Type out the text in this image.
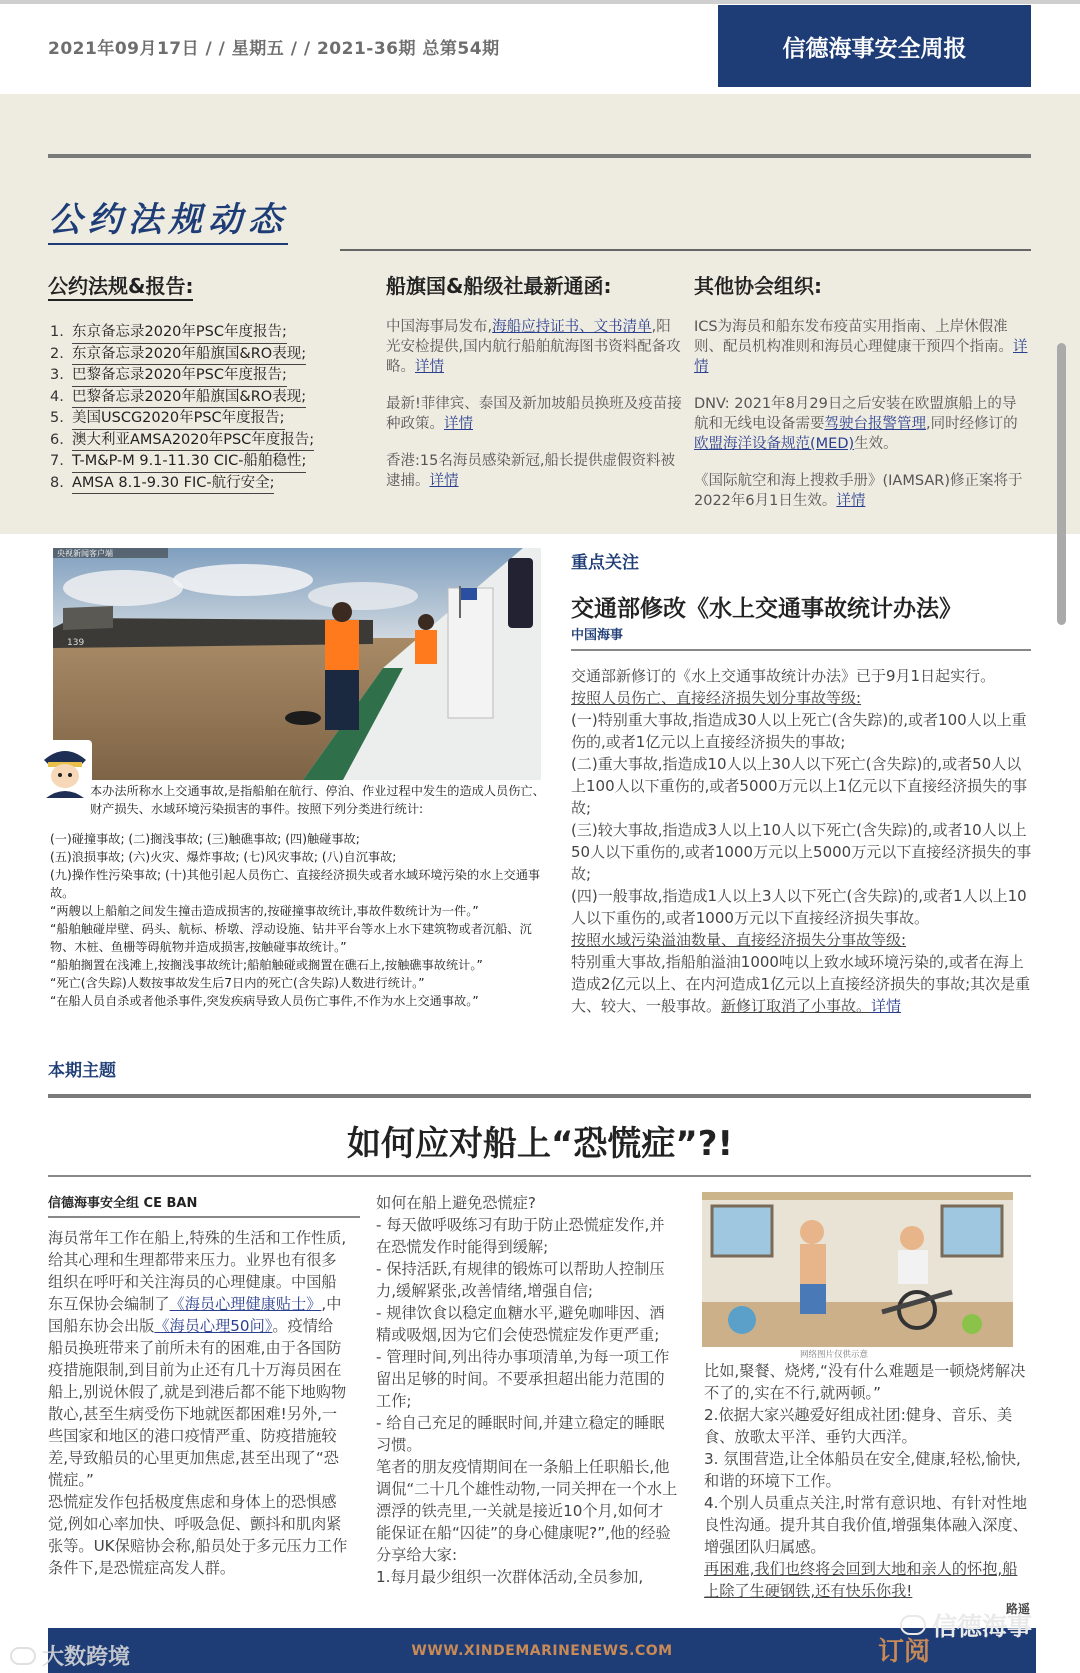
2021年09月17日 / / 星期五 / / 2021-36期 总第54期	信德海事安全周报
公约法规动态
公约法规&报告:	船旗国&船级社最新通函:	其他协会组织:
1. 东京备忘录2020年PSC年度报告;
2. 东京备忘录2020年船旗国&RO表现;
3. 巴黎备忘录2020年PSC年度报告;
4. 巴黎备忘录2020年船旗国&RO表现;
5. 美国USCG2020年PSC年度报告;
6. 澳大利亚AMSA2020年PSC年度报告;
7. T-M&P-M 9.1-11.30 CIC-船舶稳性;
8. AMSA 8.1-9.30 FIC-航行安全;

中国海事局发布,海船应持证书、文书清单,阳光安检提供,国内航行船舶航海图书资料配备攻略。详情

最新!菲律宾、泰国及新加坡船员换班及疫苗接种政策。详情

香港:15名海员感染新冠,船长提供虚假资料被逮捕。详情

ICS为海员和船东发布疫苗实用指南、上岸休假准则、配员机构准则和海员心理健康干预四个指南。详情

DNV: 2021年8月29日之后安装在欧盟旗船上的导航和无线电设备需要驾驶台报警管理,同时经修订的欧盟海洋设备规范(MED)生效。

《国际航空和海上搜救手册》(IAMSAR)修正案将于2022年6月1日生效。详情

139
央视新闻客户端

本办法所称水上交通事故,是指船舶在航行、停泊、作业过程中发生的造成人员伤亡、财产损失、水域环境污染损害的事件。按照下列分类进行统计:

(一)碰撞事故; (二)搁浅事故; (三)触礁事故; (四)触碰事故;

(五)浪损事故; (六)火灾、爆炸事故; (七)风灾事故; (八)自沉事故;

(九)操作性污染事故; (十)其他引起人员伤亡、直接经济损失或者水域环境污染的水上交通事故。

“两艘以上船舶之间发生撞击造成损害的,按碰撞事故统计,事故件数统计为一件。”

“船舶触碰岸壁、码头、航标、桥墩、浮动设施、钻井平台等水上水下建筑物或者沉船、沉物、木桩、鱼栅等碍航物并造成损害,按触碰事故统计。”

“船舶搁置在浅滩上,按搁浅事故统计;船舶触碰或搁置在礁石上,按触礁事故统计。”

“死亡(含失踪)人数按事故发生后7日内的死亡(含失踪)人数进行统计。”

“在船人员自杀或者他杀事件,突发疾病导致人员伤亡事件,不作为水上交通事故。”

重点关注
交通部修改《水上交通事故统计办法》
中国海事

交通部新修订的《水上交通事故统计办法》已于9月1日起实行。

按照人员伤亡、直接经济损失划分事故等级:

(一)特别重大事故,指造成30人以上死亡(含失踪)的,或者100人以上重伤的,或者1亿元以上直接经济损失的事故;

(二)重大事故,指造成10人以上30人以下死亡(含失踪)的,或者50人以上100人以下重伤的,或者5000万元以上1亿元以下直接经济损失的事故;

(三)较大事故,指造成3人以上10人以下死亡(含失踪)的,或者10人以上50人以下重伤的,或者1000万元以上5000万元以下直接经济损失的事故;

(四)一般事故,指造成1人以上3人以下死亡(含失踪)的,或者1人以上10人以下重伤的,或者1000万元以下直接经济损失事故。

按照水域污染溢油数量、直接经济损失分事故等级:

特别重大事故,指船舶溢油1000吨以上致水域环境污染的,或者在海上造成2亿元以上、在内河造成1亿元以上直接经济损失的事故;其次是重大、较大、一般事故。新修订取消了小事故。详情

本期主题
如何应对船上“恐慌症”?!
信德海事安全组 CE BAN

海员常年工作在船上,特殊的生活和工作性质,给其心理和生理都带来压力。业界也有很多组织在呼吁和关注海员的心理健康。中国船东互保协会编制了《海员心理健康贴士》,中国船东协会出版《海员心理50问》。疫情给船员换班带来了前所未有的困难,由于各国防疫措施限制,到目前为止还有几十万海员困在船上,别说休假了,就是到港后都不能下地购物散心,甚至生病受伤下地就医都困难!另外,一些国家和地区的港口疫情严重、防疫措施较差,导致船员的心里更加焦虑,甚至出现了“恐慌症。”

恐慌症发作包括极度焦虑和身体上的恐惧感觉,例如心率加快、呼吸急促、颤抖和肌肉紧张等。UK保赔协会称,船员处于多元压力工作条件下,是恐慌症高发人群。

如何在船上避免恐慌症?

- 每天做呼吸练习有助于防止恐慌症发作,并在恐慌发作时能得到缓解;

- 保持活跃,有规律的锻炼可以帮助人控制压力,缓解紧张,改善情绪,增强自信;

- 规律饮食以稳定血糖水平,避免咖啡因、酒精或吸烟,因为它们会使恐慌症发作更严重;

- 管理时间,列出待办事项清单,为每一项工作留出足够的时间。不要承担超出能力范围的工作;

- 给自己充足的睡眠时间,并建立稳定的睡眠习惯。

笔者的朋友疫情期间在一条船上任职船长,他调侃“二十几个雄性动物,一同关押在一个水上漂浮的铁壳里,一关就是接近10个月,如何才能保证在船“囚徒”的身心健康呢?”,他的经验分享给大家:

1.每月最少组织一次群体活动,全员参加,

网络图片仅供示意

比如,聚餐、烧烤,“没有什么难题是一顿烧烤解决不了的,实在不行,就两顿。”

2.依据大家兴趣爱好组成社团:健身、音乐、美食、放歌太平洋、垂钓大西洋。

3. 氛围营造,让全体船员在安全,健康,轻松,愉快,和谐的环境下工作。

4.个别人员重点关注,时常有意识地、有针对性地良性沟通。提升其自我价值,增强集体融入深度、增强团队归属感。

再困难,我们也终将会回到大地和亲人的怀抱,船上除了生硬钢铁,还有快乐你我!

路遥

WWW.XINDEMARINENEWS.COM	订阅
大数跨境
信德海事
